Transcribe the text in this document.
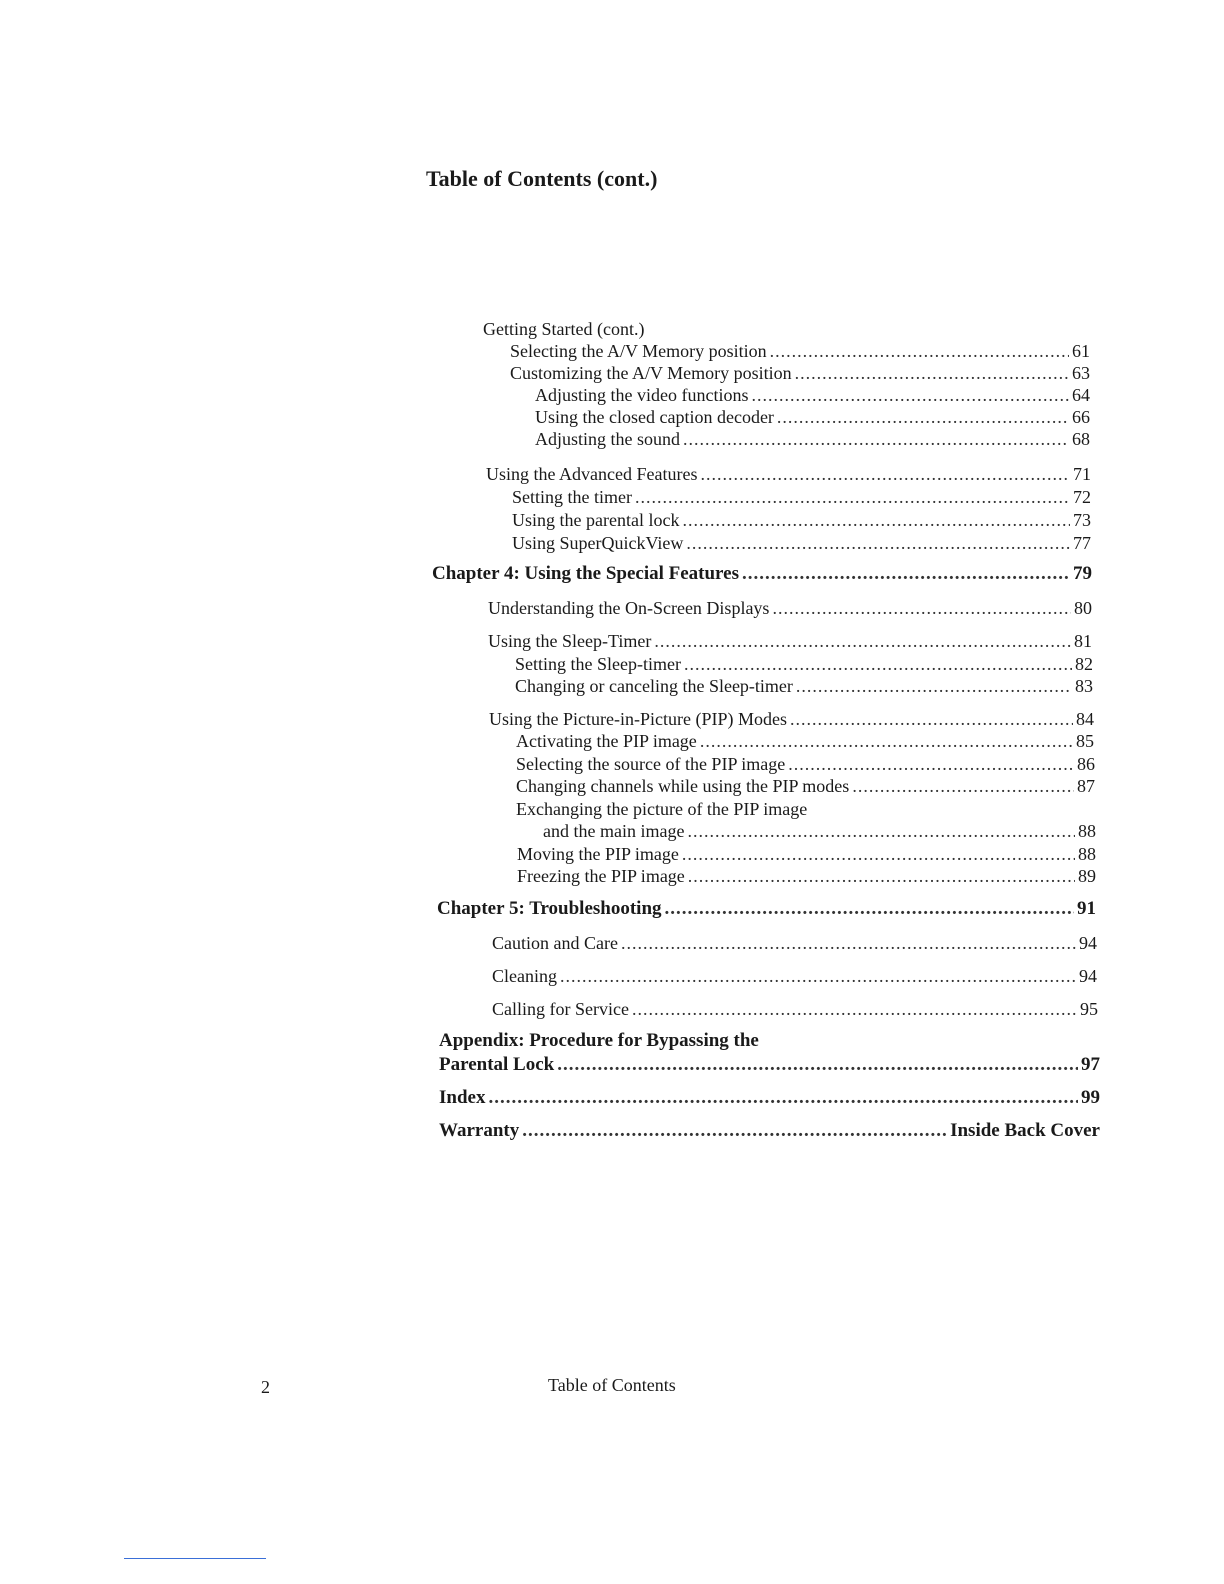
Table of Contents (cont.)
Getting Started (cont.)
Selecting the A/V Memory position .....	61
Customizing the A/V Memory position .....	63
Adjusting the video functions .....	64
Using the closed caption decoder .....	66
Adjusting the sound .....	68
Using the Advanced Features .....	71
Setting the timer .....	72
Using the parental lock .....	73
Using SuperQuickView .....	77
Chapter 4: Using the Special Features .....	79
Understanding the On-Screen Displays .....	80
Using the Sleep-Timer .....	81
Setting the Sleep-timer .....	82
Changing or canceling the Sleep-timer .....	83
Using the Picture-in-Picture (PIP) Modes .....	84
Activating the PIP image .....	85
Selecting the source of the PIP image .....	86
Changing channels while using the PIP modes .....	87
Exchanging the picture of the PIP image
and the main image .....	88
Moving the PIP image .....	88
Freezing the PIP image .....	89
Chapter 5: Troubleshooting .....	91
Caution and Care .....	94
Cleaning .....	94
Calling for Service .....	95
Appendix: Procedure for Bypassing the
Parental Lock .....	97
Index .....	99
Warranty .....	Inside Back Cover
2	Table of Contents
